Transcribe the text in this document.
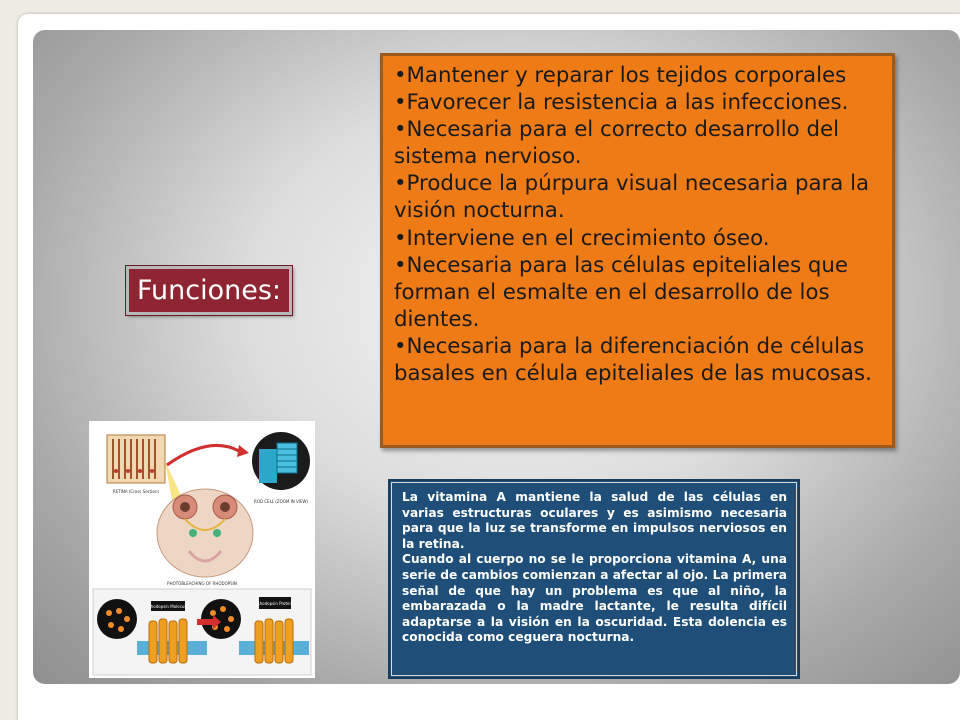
Funciones:

•Mantener y reparar los tejidos corporales

•Favorecer la resistencia a las infecciones.

•Necesaria para el correcto desarrollo del sistema nervioso.

•Produce la púrpura visual necesaria para la visión nocturna.

•Interviene en el crecimiento óseo.

•Necesaria para las células epiteliales que forman el esmalte en el desarrollo de los dientes.

•Necesaria para la diferenciación de células basales en célula epiteliales de las mucosas.

La vitamina A mantiene la salud de las células en varias estructuras oculares y es asimismo necesaria para que la luz se transforme en impulsos nerviosos en la retina.

Cuando al cuerpo no se le proporciona vitamina A, una serie de cambios comienzan a afectar al ojo. La primera señal de que hay un problema es que al niño, la embarazada o la madre lactante, le resulta difícil adaptarse a la visión en la oscuridad. Esta dolencia es conocida como ceguera nocturna.

RETINA (Cross Section)
ROD CELL (ZOOM IN VIEW)
PHOTOBLEACHING OF RHODOPSIN
Rhodopsin Molecule
Rhodopsin Protein
